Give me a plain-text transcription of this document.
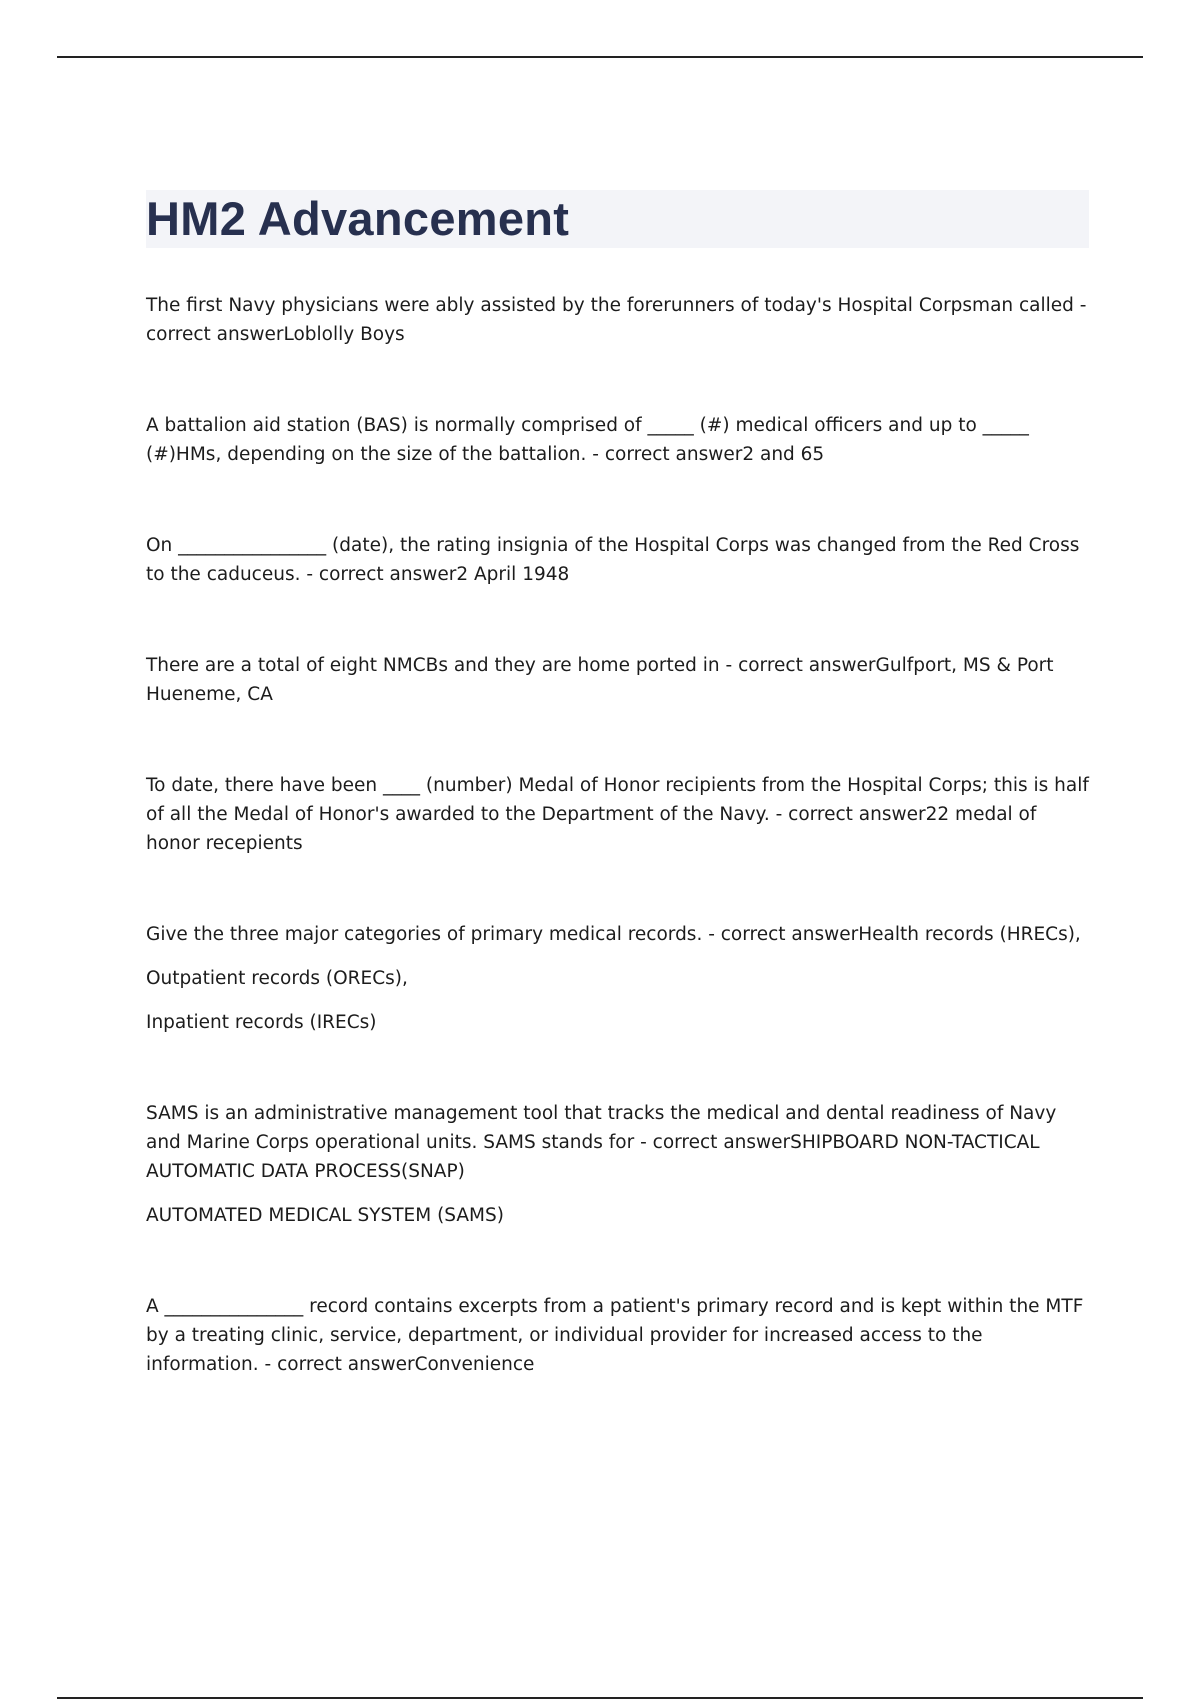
HM2 Advancement

The first Navy physicians were ably assisted by the forerunners of today's Hospital Corpsman called - correct answerLoblolly Boys

A battalion aid station (BAS) is normally comprised of _____ (#) medical officers and up to _____ (#)HMs, depending on the size of the battalion. - correct answer2 and 65

On ________________ (date), the rating insignia of the Hospital Corps was changed from the Red Cross to the caduceus. - correct answer2 April 1948

There are a total of eight NMCBs and they are home ported in - correct answerGulfport, MS & Port Hueneme, CA

To date, there have been ____ (number) Medal of Honor recipients from the Hospital Corps; this is half of all the Medal of Honor's awarded to the Department of the Navy. - correct answer22 medal of honor recepients

Give the three major categories of primary medical records. - correct answerHealth records (HRECs),

Outpatient records (ORECs),

Inpatient records (IRECs)

SAMS is an administrative management tool that tracks the medical and dental readiness of Navy and Marine Corps operational units. SAMS stands for - correct answerSHIPBOARD NON-TACTICAL AUTOMATIC DATA PROCESS(SNAP)

AUTOMATED MEDICAL SYSTEM (SAMS)

A _______________ record contains excerpts from a patient's primary record and is kept within the MTF by a treating clinic, service, department, or individual provider for increased access to the information. - correct answerConvenience
